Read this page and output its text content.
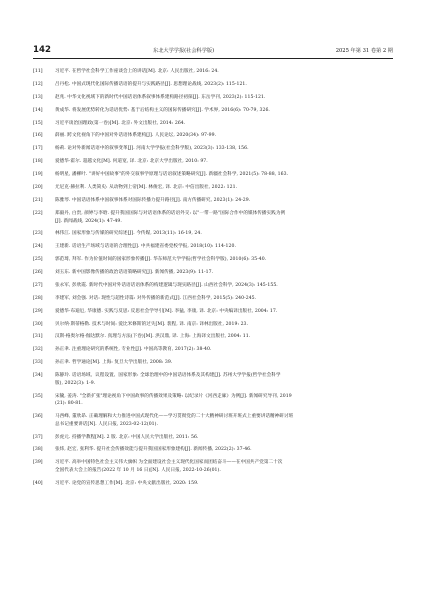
142	东北大学学报(社会科学版)	2025 年第 31 卷第 2 期
[11]	习近平. 在哲学社会科学工作座谈会上的讲话[M]. 北京: 人民出版社, 2016: 24.
[12]	吕丹松. 中国式现代化国际传播话语的提升与实践路径[J]. 思想理论战线, 2023(2): 115-121.
[13]	赵兆. 中华文化视域下的新时代中国话语体系叙事体系建构路径初探[J]. 东岳学刊, 2023(2): 115-121.
[14]	黄成华. 将发展优势转化为话语优势: 基于后结构主义的国际传播研究[J]. 学术界, 2016(6): 70-79, 326.
[15]	习近平谈治国理政(第一卷)[M]. 北京: 外文出版社, 2014: 264.
[16]	薛丽. 跨文化视角下的中国对外话语体系建构[J]. 人民论坛, 2020(34): 97-99.
[17]	杨莉. 论对外新闻话语中的叙事变革[J]. 河南大学学报(社会科学版), 2023(3): 133-138, 156.
[18]	爱德华·霍尔. 超越文化[M]. 何道宽, 译. 北京: 北京大学出版社, 2010: 97.
[19]	杨明星, 潘柳叶. "讲好中国故事"的外交叙事学原理与话语叙述策略研究[J]. 新疆社会科学, 2021(5): 78-88, 163.
[20]	尤尼克·赫拉利. 人类简史: 从动物到上帝[M]. 林俊宏, 译. 北京: 中信出版社, 2022: 121.
[21]	陈雅琴. 中国话语体系中国叙事体系对国际传播力提升路径[J]. 南方传播研究, 2023(1): 24-29.
[22]	郑毅丹, 白贵, 颜婷与李晗. 提升我国国际与对话语体系的话语外交: 以"一带一路"国际合作中的媒体传播实践为例
[J]. 新闻战线, 2024(1): 47-49.
[23]	林伟江. 国家形象与传媒的研究综述[J]. 今传媒, 2013(11): 16-19, 24.
[24]	王建新. 话语生产场域与话语的合理性[J]. 中共福建省委党校学报, 2018(10): 114-120.
[25]	郭范琦, 拜军. 作为价值时间的国家形象传播[J]. 华东师范大学学报(哲学社会科学版), 2010(6): 35-40.
[26]	刘玉东. 新中国影像传播的政治话语策略研究[J]. 新闻传播, 2023(9): 11-17.
[27]	张永军, 彭欣霞. 新时代中国对外话语话语体系的构建逻辑与现实路径[J]. 山西社会科学, 2024(3): 145-155.
[28]	李建军, 刘会强. 对话: 现性与超性诗篇: 对外传播的新范式[J]. 江西社会科学, 2015(5): 240-245.
[29]	爱德华·布迪厄, 华康德. 实践与反思: 反思社会学导引[M]. 李猛, 李康, 译. 北京: 中央编译出版社, 2004: 17.
[30]	贝尔纳·斯蒂格勒. 技术与时间: 爱比米修斯的过失[M]. 裴程, 译. 南京: 译林出版社, 2019: 23.
[31]	汉斯-格奥尔格·伽达默尔. 真理与方法(下卷)[M]. 洪汉鼎, 译. 上海: 上海译文出版社, 2004: 11.
[32]	孙正聿. 注重理论研究的系统性, 专业性[J]. 中国高等教育, 2017(2): 38-40.
[33]	孙正聿. 哲学通论[M]. 上海: 复旦大学出版社, 2008: 39.
[34]	陈静玲. 话语场域、议程设置、国家形象: 全球治理中的中国话语体系及其构建[J]. 苏州大学学报(哲学社会科学
版), 2022(3): 1-9.
[35]	宋毓, 姜涛. "全新扩张"理论视角下中国故事的传播效果及策略: 以纪录片《河西走廊》为例[J]. 新闻研究导刊, 2019
(21): 80-81.
[36]	马西峰, 董欣昂. 正确理解和大力推进中国式现代化——学习贯彻党的二十大精神研讨班开班式上重要讲话精神研讨班
总书记重要讲话[N]. 人民日报, 2023-02-12(01).
[37]	彭虎元. 持播学教程[M]. 2 版. 北京: 中国人民大学出版社, 2011: 56.
[38]	张炜, 赵宏, 张利华. 提升社会传播效能与提升我国国家形象建构[J]. 新闻传播, 2022(2): 37-46.
[39]	习近平. 高举中国特色社会主义伟大旗帜 为全面建设社会主义现代化国家而团结奋斗——在中国共产党第二十次
全国代表大会上的报告(2022 年 10 月 16 日)[N]. 人民日报, 2022-10-26(01).
[40]	习近平. 论党的宣传思想工作[M]. 北京: 中央文献出版社, 2020: 159.
